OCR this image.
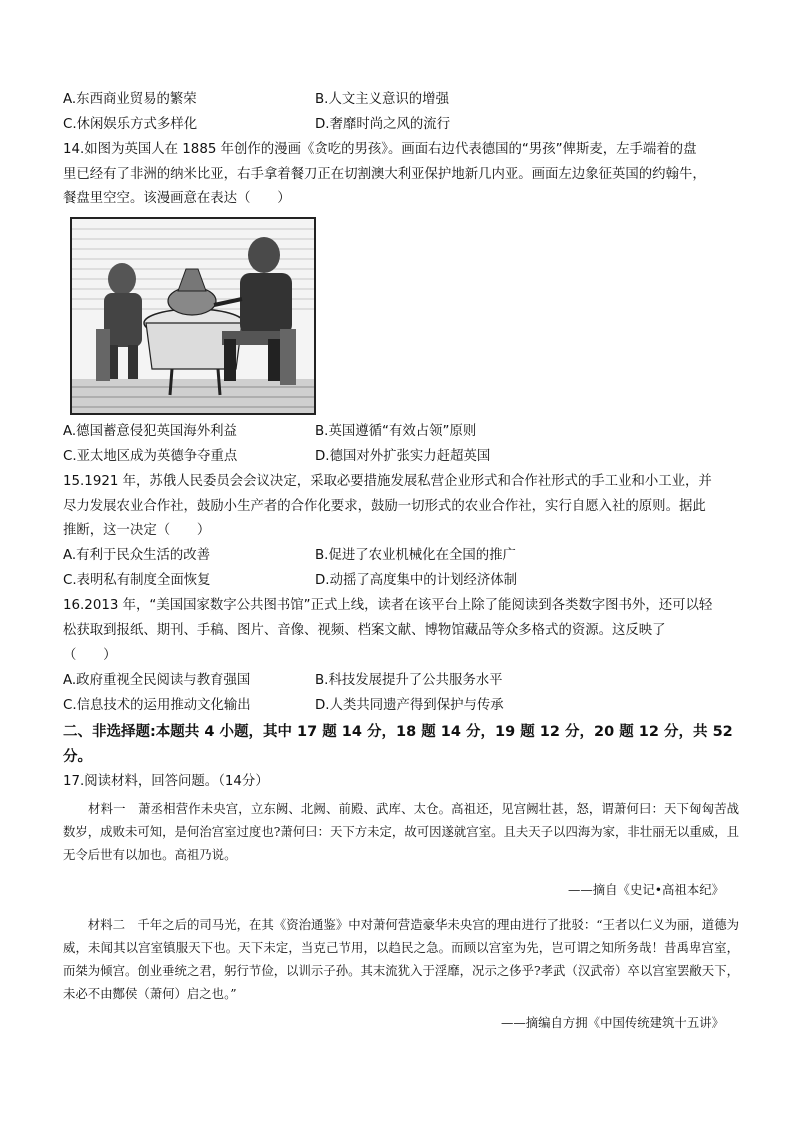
A.东西商业贸易的繁荣	B.人文主义意识的增强
C.休闲娱乐方式多样化	D.奢靡时尚之风的流行
14.如图为英国人在 1885 年创作的漫画《贪吃的男孩》。画面右边代表德国的“男孩”俾斯麦，左手端着的盘
里已经有了非洲的纳米比亚，右手拿着餐刀正在切割澳大利亚保护地新几内亚。画面左边象征英国的约翰牛，
餐盘里空空。该漫画意在表达（　　）
A.德国蓄意侵犯英国海外利益	B.英国遵循“有效占领”原则
C.亚太地区成为英德争夺重点	D.德国对外扩张实力赶超英国
15.1921 年，苏俄人民委员会会议决定，采取必要措施发展私营企业形式和合作社形式的手工业和小工业，并
尽力发展农业合作社，鼓励小生产者的合作化要求，鼓励一切形式的农业合作社，实行自愿入社的原则。据此
推断，这一决定（　　）
A.有利于民众生活的改善	B.促进了农业机械化在全国的推广
C.表明私有制度全面恢复	D.动摇了高度集中的计划经济体制
16.2013 年，“美国国家数字公共图书馆”正式上线，读者在该平台上除了能阅读到各类数字图书外，还可以轻
松获取到报纸、期刊、手稿、图片、音像、视频、档案文献、博物馆藏品等众多格式的资源。这反映了
（　　）
A.政府重视全民阅读与教育强国	B.科技发展提升了公共服务水平
C.信息技术的运用推动文化输出	D.人类共同遗产得到保护与传承
二、非选择题:本题共 4 小题，其中 17 题 14 分，18 题 14 分，19 题 12 分，20 题 12 分，共 52
分。
17.阅读材料，回答问题。（14分）
　　材料一　萧丞相营作未央宫，立东阙、北阙、前殿、武库、太仓。高祖还，见宫阙壮甚，怒，谓萧何曰：天下匈匈苦战数岁，成败未可知，是何治宫室过度也?萧何曰：天下方未定，故可因遂就宫室。且夫天子以四海为家，非壮丽无以重威，且无令后世有以加也。高祖乃说。
——摘自《史记•高祖本纪》
　　材料二　千年之后的司马光，在其《资治通鉴》中对萧何营造豪华未央宫的理由进行了批驳：“王者以仁义为丽，道德为威，未闻其以宫室镇服天下也。天下未定，当克己节用，以趋民之急。而顾以宫室为先，岂可谓之知所务哉！昔禹卑宫室，而桀为倾宫。创业垂统之君，躬行节俭，以训示子孙。其末流犹入于淫靡，况示之侈乎?孝武（汉武帝）卒以宫室罢敝天下，未必不由酂侯（萧何）启之也。”
——摘编自方拥《中国传统建筑十五讲》
